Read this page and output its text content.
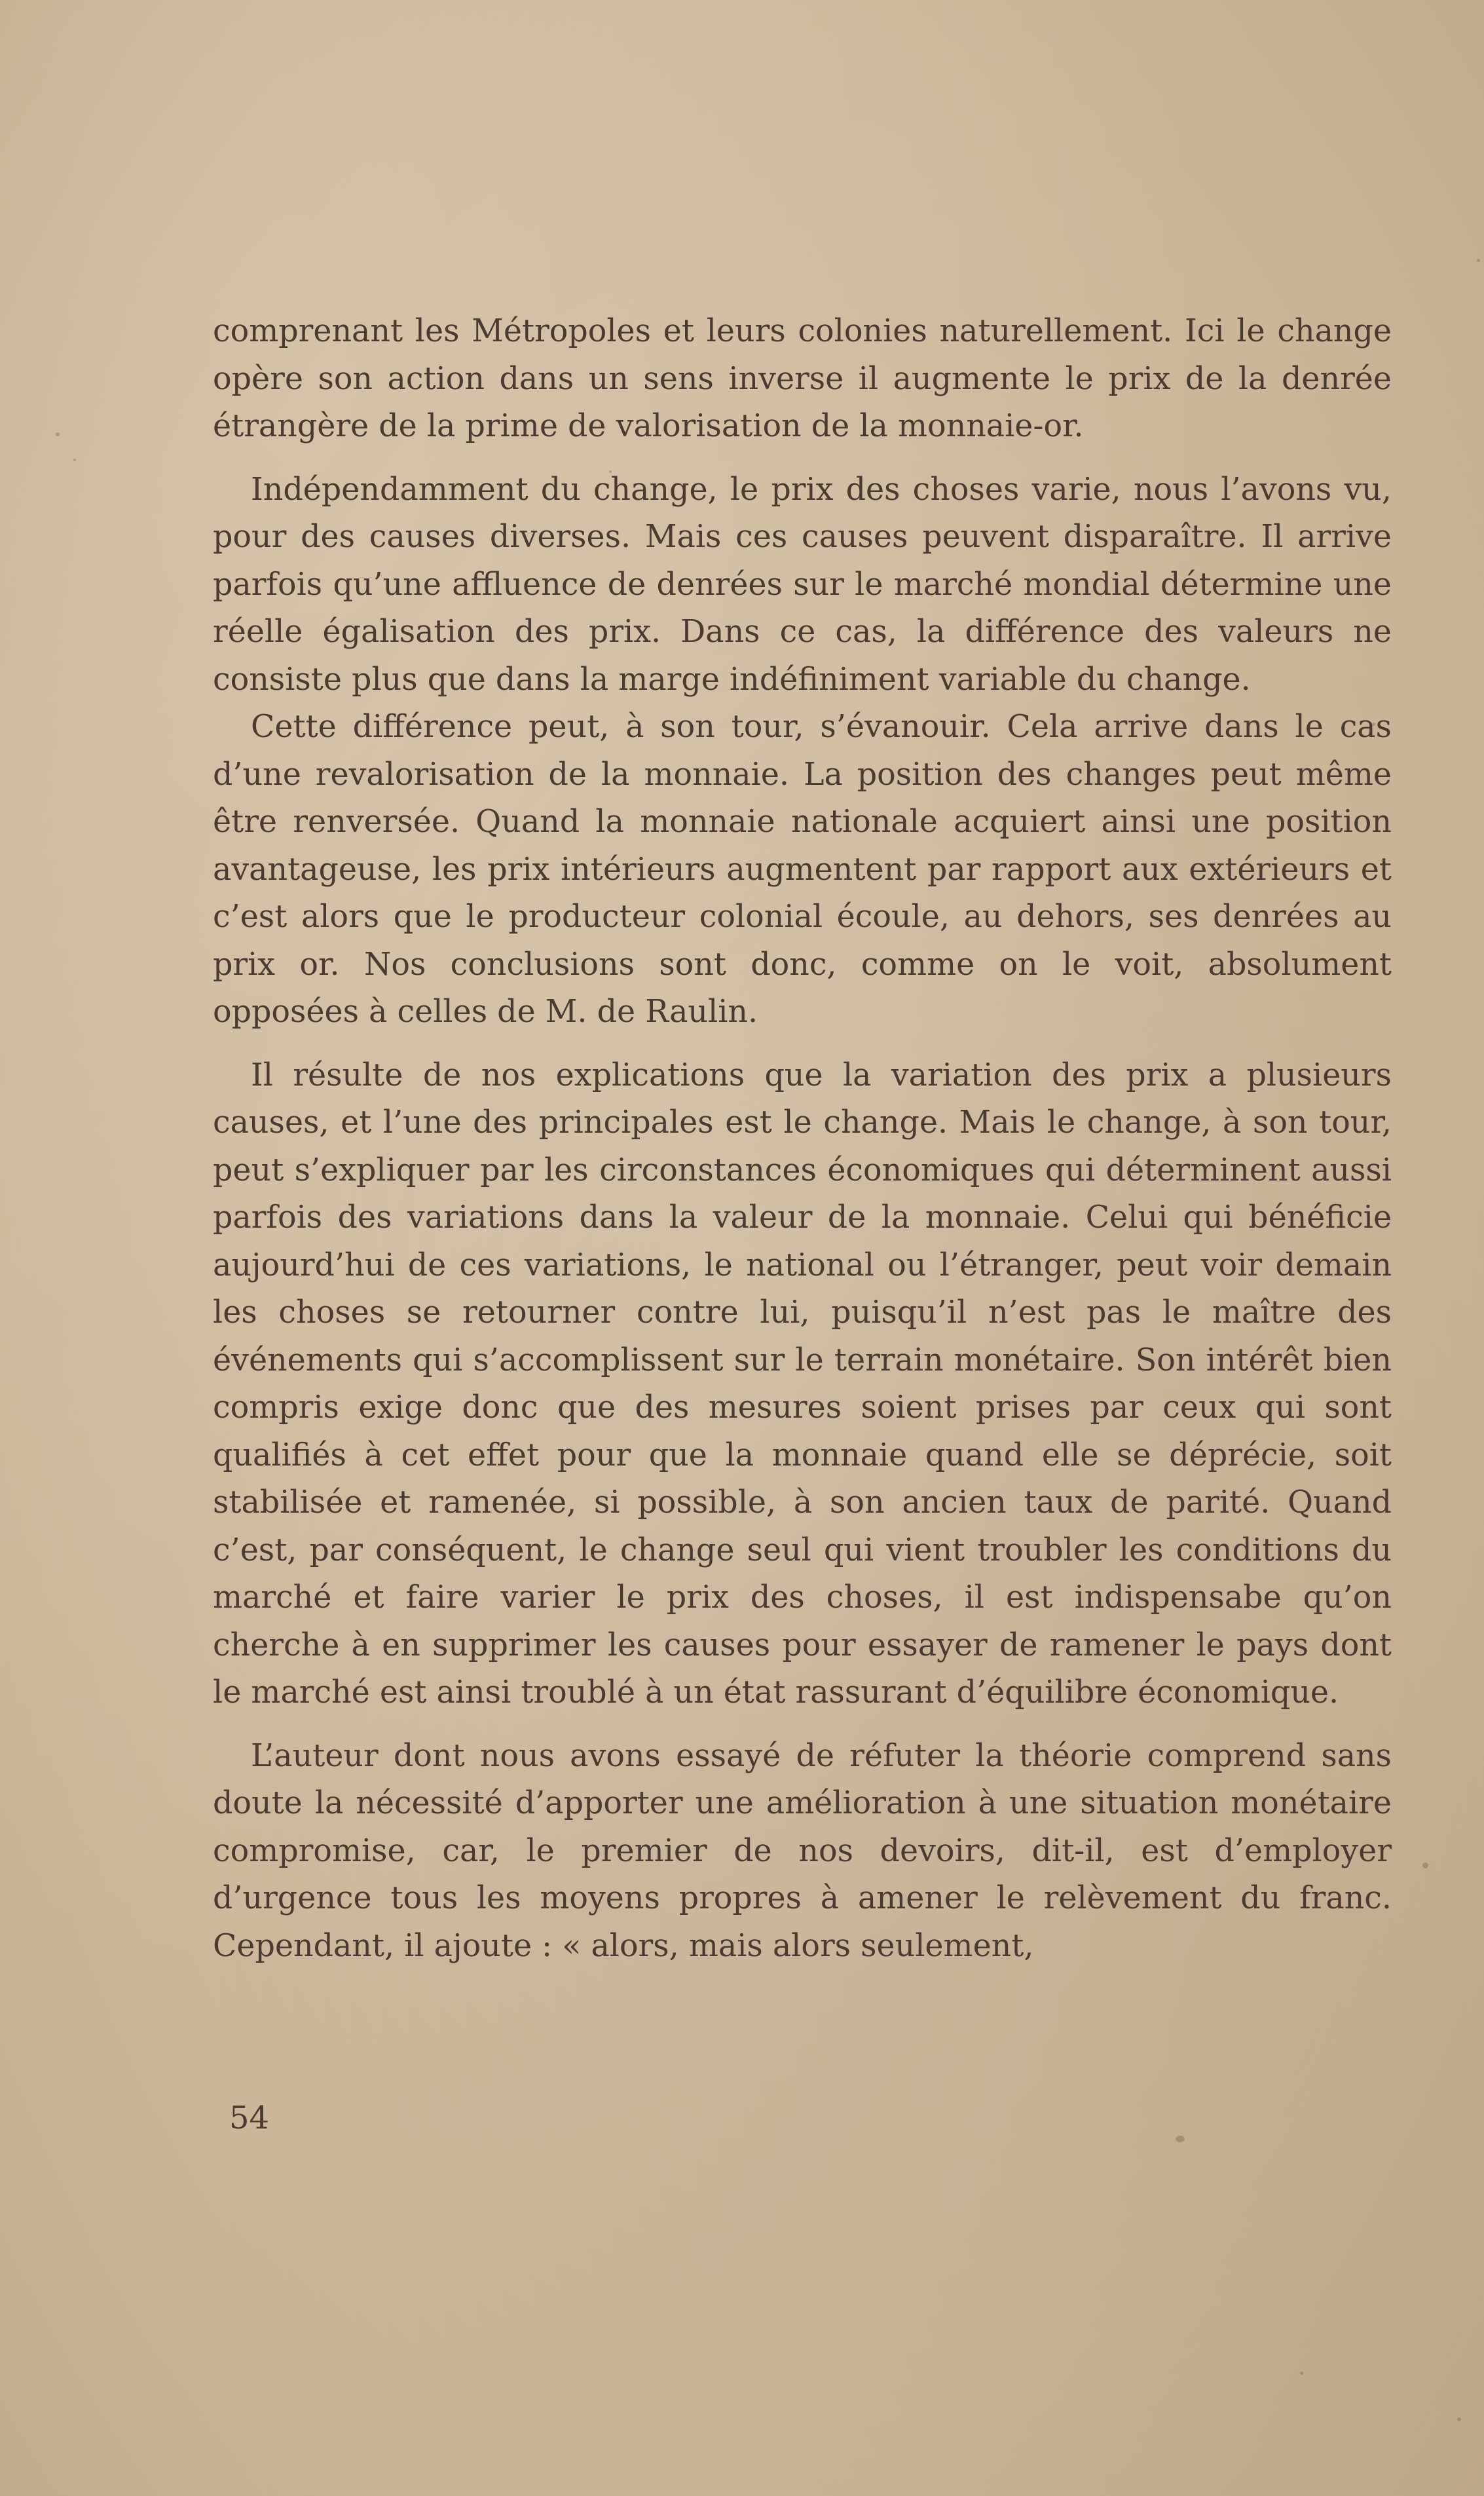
comprenant les Métropoles et leurs colonies naturellement. Ici le change opère son action dans un sens inverse il augmente le prix de la denrée étrangère de la prime de valorisation de la monnaie-or.

Indépendamment du change, le prix des choses varie, nous l’avons vu, pour des causes diverses. Mais ces causes peuvent disparaître. Il arrive parfois qu’une affluence de denrées sur le marché mondial détermine une réelle égalisation des prix. Dans ce cas, la différence des valeurs ne consiste plus que dans la marge indéfiniment variable du change.

Cette différence peut, à son tour, s’évanouir. Cela arrive dans le cas d’une revalorisation de la monnaie. La position des changes peut même être renversée. Quand la monnaie nationale acquiert ainsi une position avantageuse, les prix intérieurs augmentent par rapport aux extérieurs et c’est alors que le producteur colonial écoule, au dehors, ses denrées au prix or. Nos conclusions sont donc, comme on le voit, absolument opposées à celles de M. de Raulin.

Il résulte de nos explications que la variation des prix a plusieurs causes, et l’une des principales est le change. Mais le change, à son tour, peut s’expliquer par les circonstances économiques qui déterminent aussi parfois des variations dans la valeur de la monnaie. Celui qui bénéficie aujourd’hui de ces variations, le national ou l’étranger, peut voir demain les choses se retourner contre lui, puisqu’il n’est pas le maître des événements qui s’accomplissent sur le terrain monétaire. Son intérêt bien compris exige donc que des mesures soient prises par ceux qui sont qualifiés à cet effet pour que la monnaie quand elle se déprécie, soit stabilisée et ramenée, si possible, à son ancien taux de parité. Quand c’est, par conséquent, le change seul qui vient troubler les conditions du marché et faire varier le prix des choses, il est indispensabe qu’on cherche à en supprimer les causes pour essayer de ramener le pays dont le marché est ainsi troublé à un état rassurant d’équilibre économique.

L’auteur dont nous avons essayé de réfuter la théorie comprend sans doute la nécessité d’apporter une amélioration à une situation monétaire compromise, car, le premier de nos devoirs, dit-il, est d’employer d’urgence tous les moyens propres à amener le relèvement du franc. Cependant, il ajoute : « alors, mais alors seulement,

54
